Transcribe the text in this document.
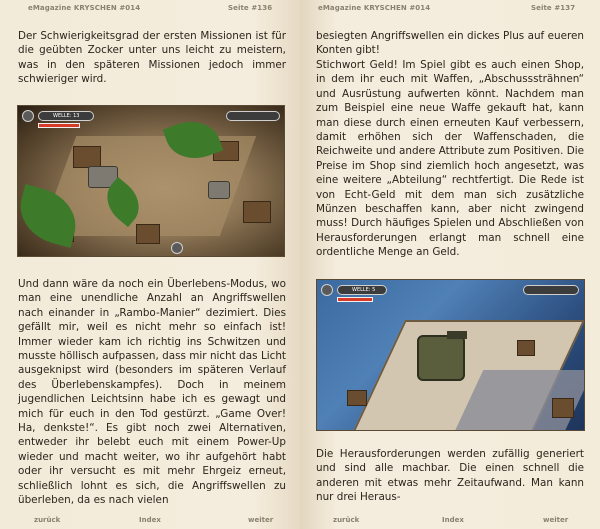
eMagazine KRYSCHEN #014	Seite #136

Der Schwierigkeitsgrad der ersten Missionen ist für die geübten Zocker unter uns leicht zu meistern, was in den späteren Missionen jedoch immer schwieriger wird.

WELLE: 13

Und dann wäre da noch ein Überlebens-Modus, wo man eine unendliche Anzahl an Angriffswellen nach einander in „Rambo-Manier“ dezimiert. Dies gefällt mir, weil es nicht mehr so einfach ist! Immer wieder kam ich richtig ins Schwitzen und musste höllisch aufpassen, dass mir nicht das Licht ausgeknipst wird (besonders im späteren Verlauf des Überlebenskampfes). Doch in meinem jugendlichen Leichtsinn habe ich es gewagt und mich für euch in den Tod gestürzt. „Game Over! Ha, denkste!“. Es gibt noch zwei Alternativen, entweder ihr belebt euch mit einem Power-Up wieder und macht weiter, wo ihr aufgehört habt oder ihr versucht es mit mehr Ehrgeiz erneut, schließlich lohnt es sich, die Angriffswellen zu überleben, da es nach vielen

zurück	Index	weiter
eMagazine KRYSCHEN #014	Seite #137

besiegten Angriffswellen ein dickes Plus auf eueren Konten gibt!

Stichwort Geld! Im Spiel gibt es auch einen Shop, in dem ihr euch mit Waffen, „Abschusssträhnen“ und Ausrüstung aufwerten könnt. Nachdem man zum Beispiel eine neue Waffe gekauft hat, kann man diese durch einen erneuten Kauf verbessern, damit erhöhen sich der Waffenschaden, die Reichweite und andere Attribute zum Positiven. Die Preise im Shop sind ziemlich hoch angesetzt, was eine weitere „Abteilung“ rechtfertigt. Die Rede ist von Echt-Geld mit dem man sich zusätzliche Münzen beschaffen kann, aber nicht zwingend muss! Durch häufiges Spielen und Abschließen von Herausforderungen erlangt man schnell eine ordentliche Menge an Geld.

WELLE: 5

Die Herausforderungen werden zufällig generiert und sind alle machbar. Die einen schnell die anderen mit etwas mehr Zeitaufwand. Man kann nur drei Heraus-

zurück	Index	weiter
